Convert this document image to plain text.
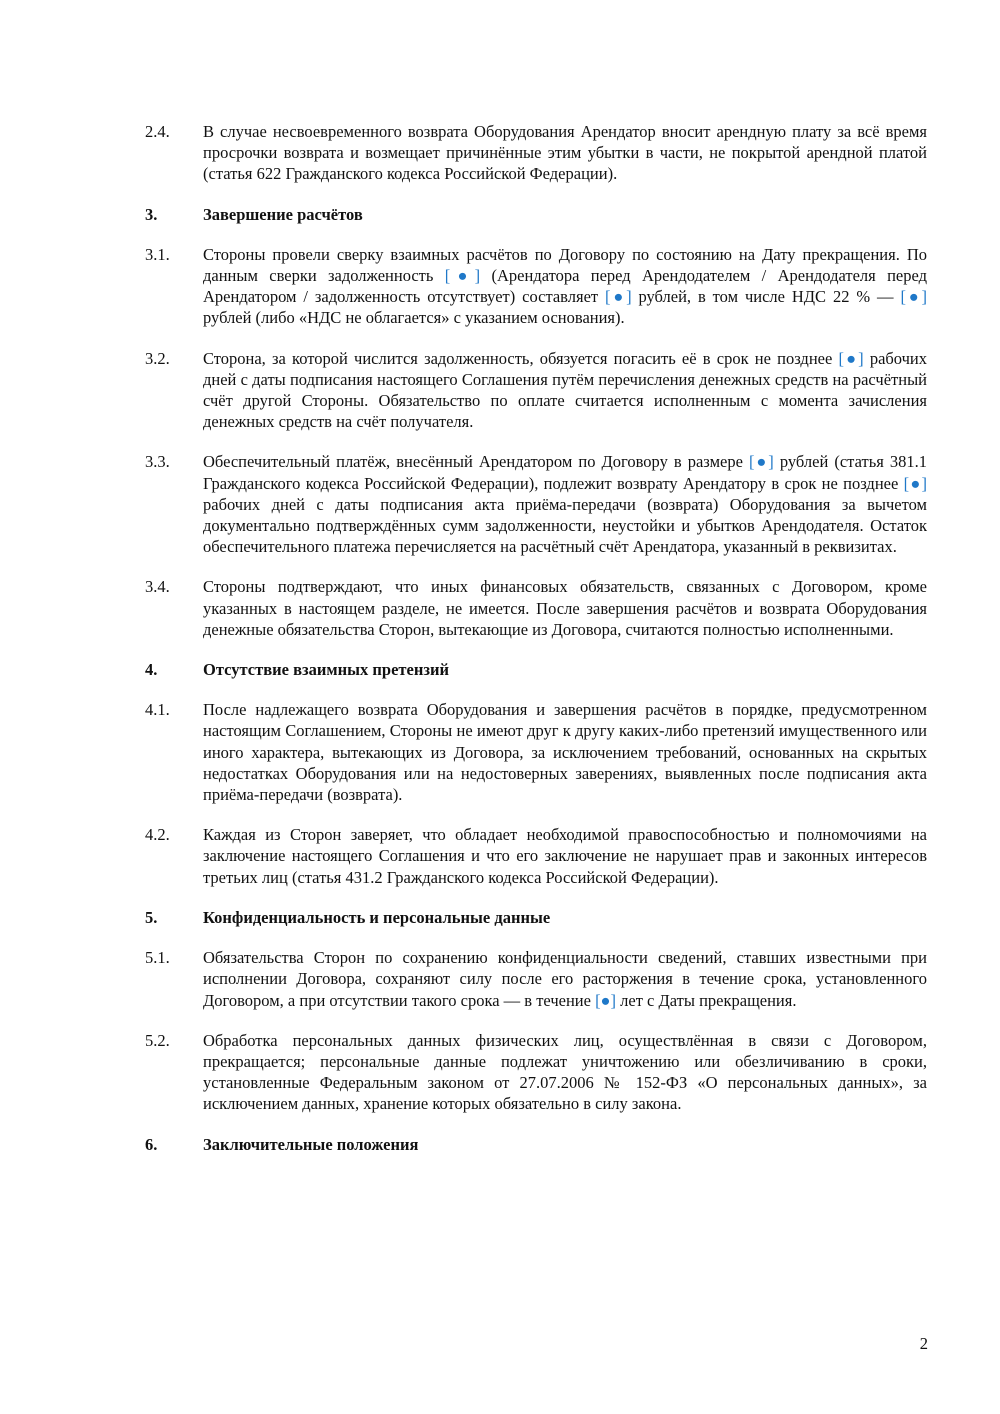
2.4.	В случае несвоевременного возврата Оборудования Арендатор вносит арендную плату за всё время просрочки возврата и возмещает причинённые этим убытки в части, не покрытой арендной платой (статья 622 Гражданского кодекса Российской Федерации).
3.	Завершение расчётов
3.1.	Стороны провели сверку взаимных расчётов по Договору по состоянию на Дату прекращения. По данным сверки задолженность [●] (Арендатора перед Арендодателем / Арендодателя перед Арендатором / задолженность отсутствует) составляет [●] рублей, в том числе НДС 22 % — [●] рублей (либо «НДС не облагается» с указанием основания).
3.2.	Сторона, за которой числится задолженность, обязуется погасить её в срок не позднее [●] рабочих дней с даты подписания настоящего Соглашения путём перечисления денежных средств на расчётный счёт другой Стороны. Обязательство по оплате считается исполненным с момента зачисления денежных средств на счёт получателя.
3.3.	Обеспечительный платёж, внесённый Арендатором по Договору в размере [●] рублей (статья 381.1 Гражданского кодекса Российской Федерации), подлежит возврату Арендатору в срок не позднее [●] рабочих дней с даты подписания акта приёма-передачи (возврата) Оборудования за вычетом документально подтверждённых сумм задолженности, неустойки и убытков Арендодателя. Остаток обеспечительного платежа перечисляется на расчётный счёт Арендатора, указанный в реквизитах.
3.4.	Стороны подтверждают, что иных финансовых обязательств, связанных с Договором, кроме указанных в настоящем разделе, не имеется. После завершения расчётов и возврата Оборудования денежные обязательства Сторон, вытекающие из Договора, считаются полностью исполненными.
4.	Отсутствие взаимных претензий
4.1.	После надлежащего возврата Оборудования и завершения расчётов в порядке, предусмотренном настоящим Соглашением, Стороны не имеют друг к другу каких-либо претензий имущественного или иного характера, вытекающих из Договора, за исключением требований, основанных на скрытых недостатках Оборудования или на недостоверных заверениях, выявленных после подписания акта приёма-передачи (возврата).
4.2.	Каждая из Сторон заверяет, что обладает необходимой правоспособностью и полномочиями на заключение настоящего Соглашения и что его заключение не нарушает прав и законных интересов третьих лиц (статья 431.2 Гражданского кодекса Российской Федерации).
5.	Конфиденциальность и персональные данные
5.1.	Обязательства Сторон по сохранению конфиденциальности сведений, ставших известными при исполнении Договора, сохраняют силу после его расторжения в течение срока, установленного Договором, а при отсутствии такого срока — в течение [●] лет с Даты прекращения.
5.2.	Обработка персональных данных физических лиц, осуществлённая в связи с Договором, прекращается; персональные данные подлежат уничтожению или обезличиванию в сроки, установленные Федеральным законом от 27.07.2006 № 152-ФЗ «О персональных данных», за исключением данных, хранение которых обязательно в силу закона.
6.	Заключительные положения
2
